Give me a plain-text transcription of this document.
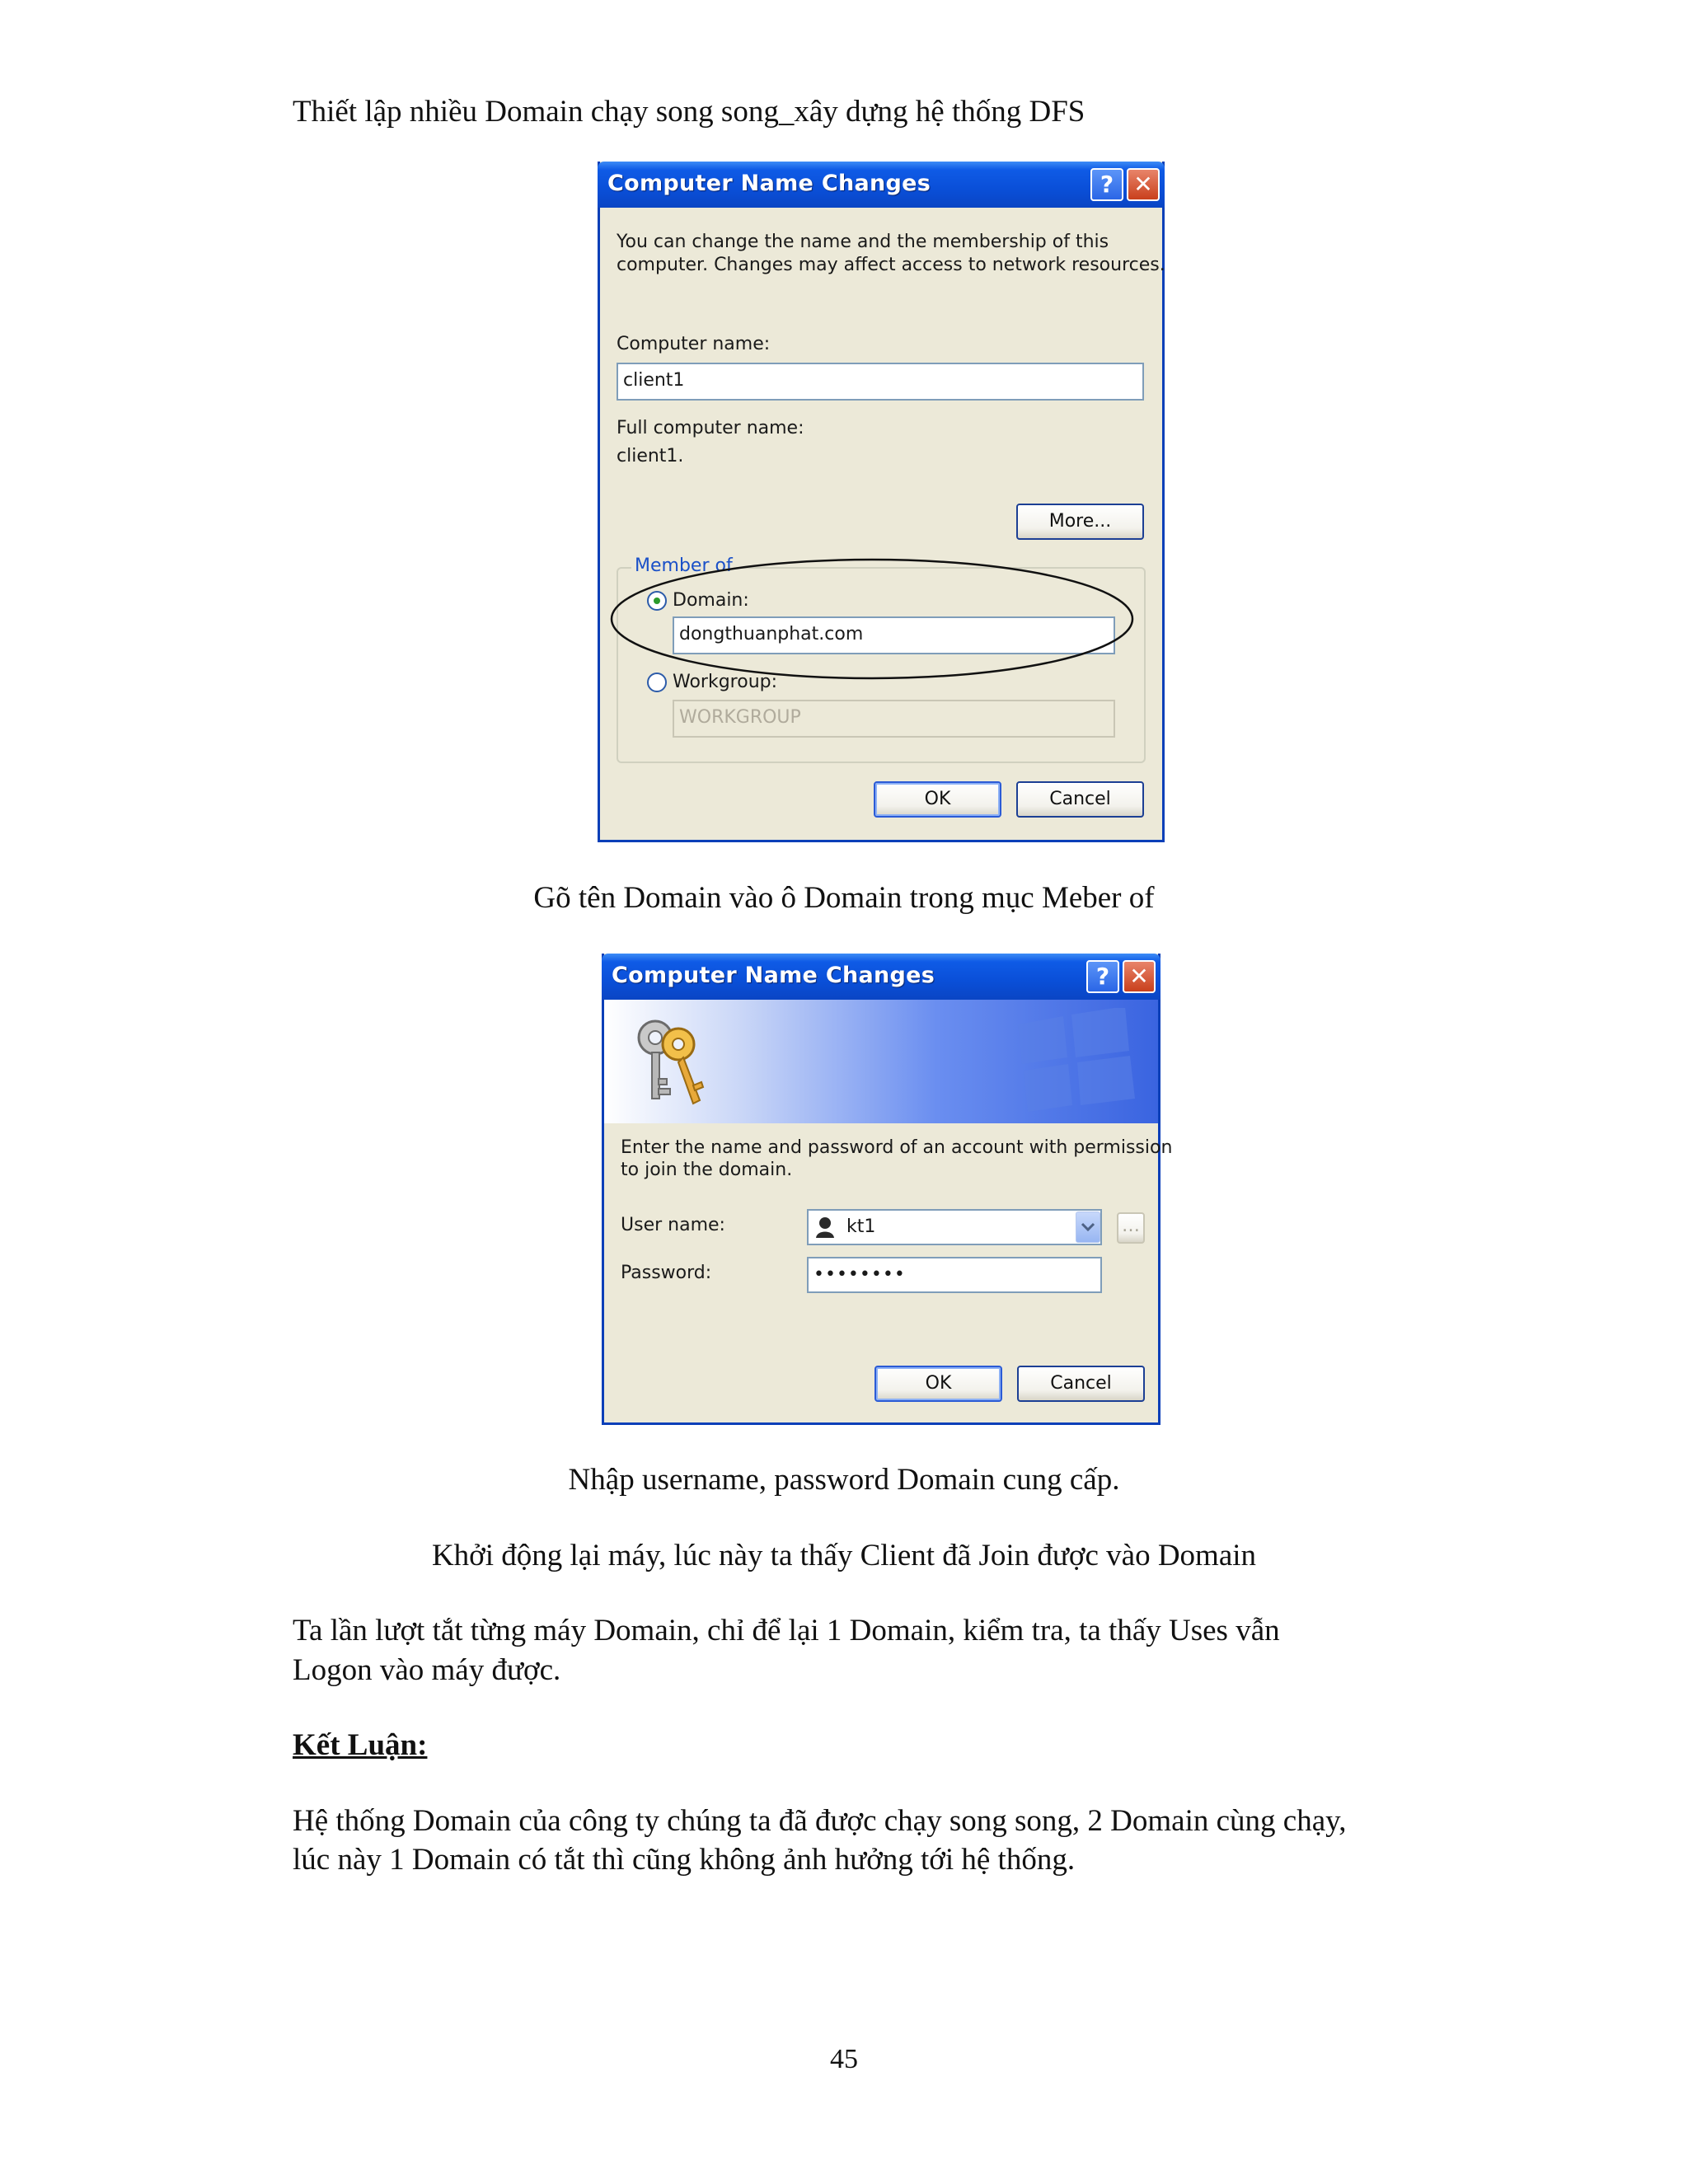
Thiết lập nhiều Domain chạy song song_xây dựng hệ thống DFS
Computer Name Changes	? ✕
You can change the name and the membership of this
computer. Changes may affect access to network resources.
Computer name:
client1
Full computer name:
client1.
More...
Member of
Domain:
dongthuanphat.com
Workgroup:
WORKGROUP
OK	Cancel
Gõ tên Domain vào ô Domain trong mục Meber of
Computer Name Changes	? ✕
Enter the name and password of an account with permission
to join the domain.
User name:	kt1	…
Password:	••••••••
OK	Cancel
Nhập username, password Domain cung cấp.
Khởi động lại máy, lúc này ta thấy Client đã Join được vào Domain
Ta lần lượt tắt từng máy Domain, chỉ để lại 1 Domain, kiểm tra, ta thấy Uses vẫn
Logon vào máy được.
Kết Luận:
Hệ thống Domain của công ty chúng ta đã được chạy song song, 2 Domain cùng chạy,
lúc này 1 Domain có tắt thì cũng không ảnh hưởng tới hệ thống.
45
